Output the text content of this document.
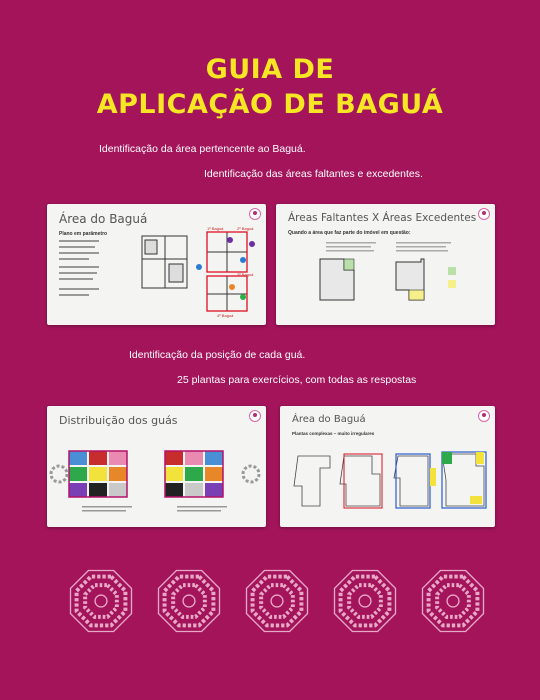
GUIA DE
APLICAÇÃO DE BAGUÁ
Identificação da área pertencente ao Baguá.
Identificação das áreas faltantes e excedentes.
Identificação da posição de cada guá.
25 plantas para exercícios, com todas as respostas
Área do Baguá
Plano em parâmetro
1º Baguá	2º Baguá
3º Baguá
4º Baguá
Áreas Faltantes X Áreas Excedentes
Quando a área que faz parte do imóvel em questão:
Distribuição dos guás	Área do Baguá
Plantas complexas – muito irregulares
